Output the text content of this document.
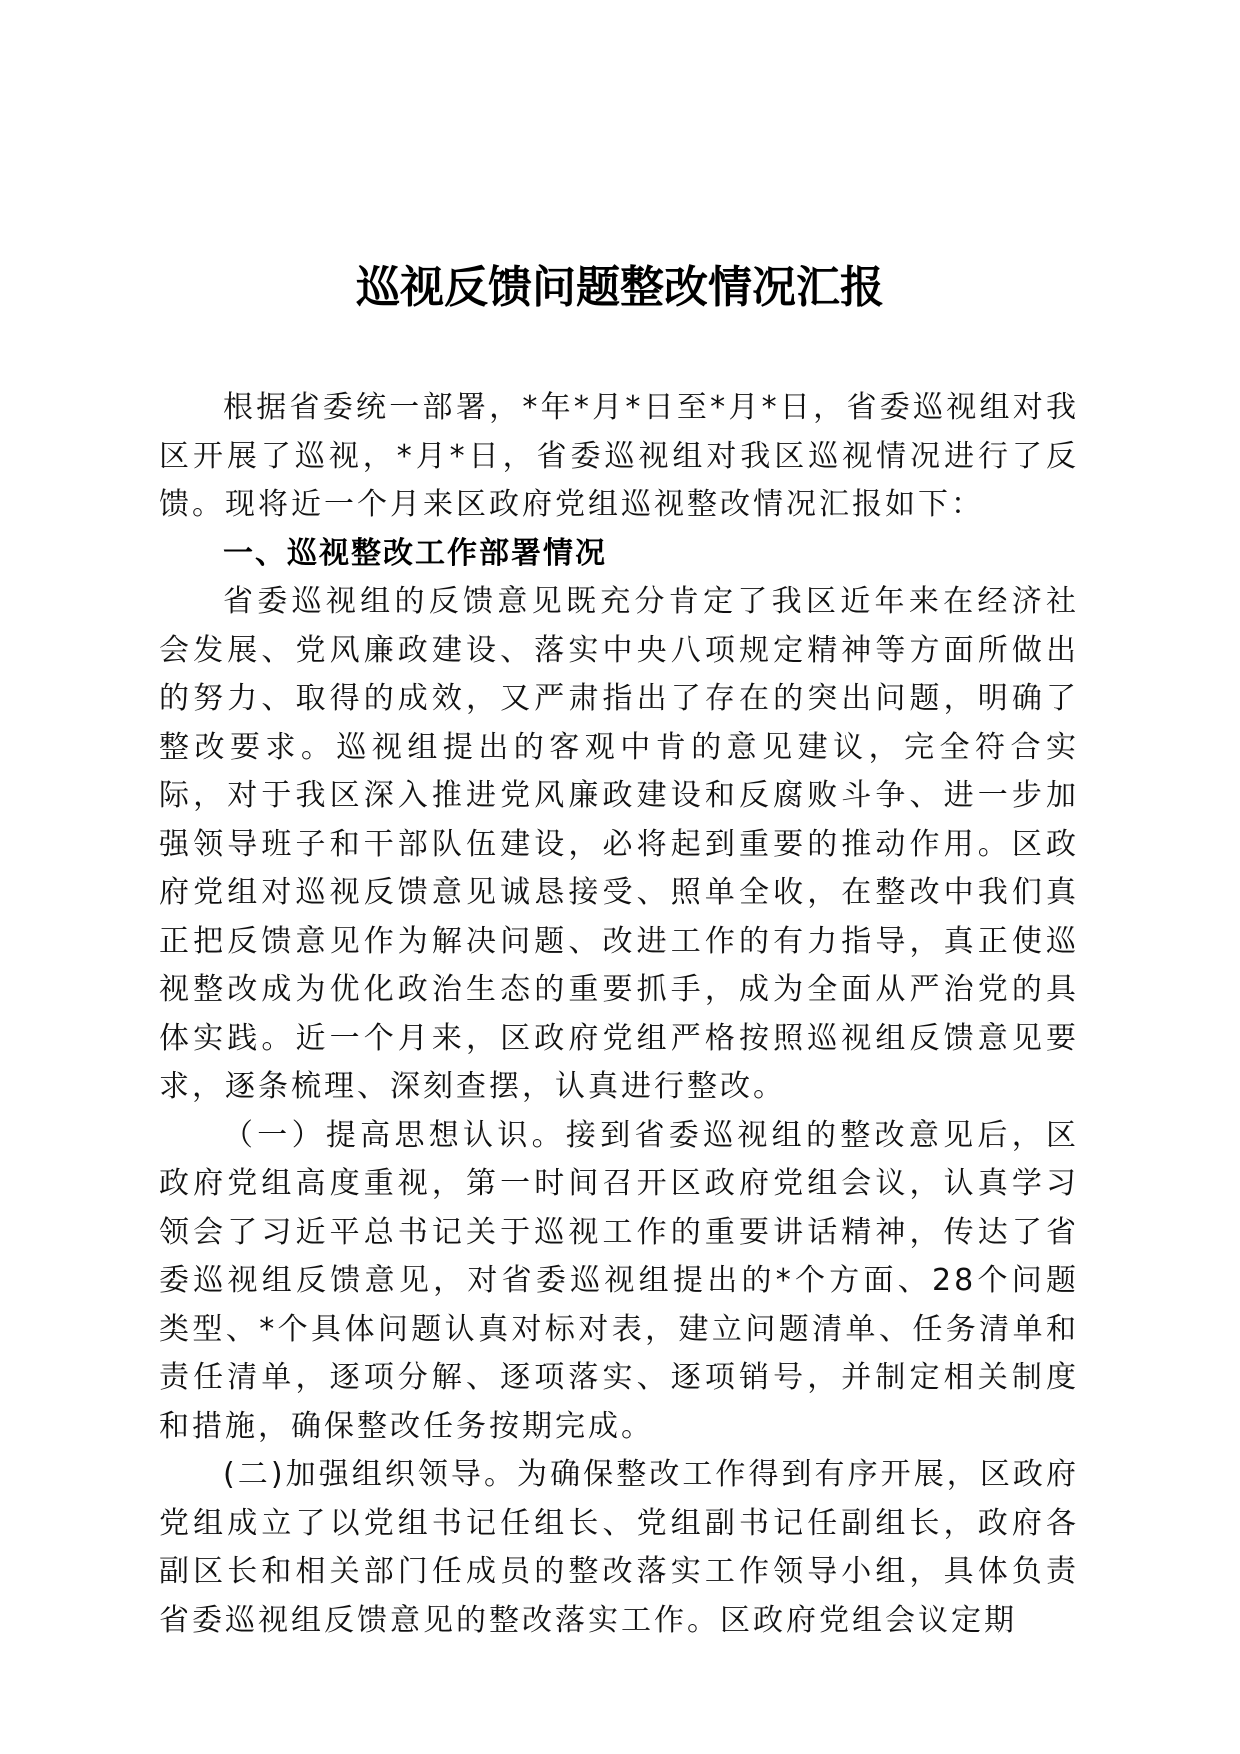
巡视反馈问题整改情况汇报

根据省委统一部署，*年*月*日至*月*日，省委巡视组对我区开展了巡视，*月*日，省委巡视组对我区巡视情况进行了反馈。现将近一个月来区政府党组巡视整改情况汇报如下：

一、巡视整改工作部署情况

省委巡视组的反馈意见既充分肯定了我区近年来在经济社会发展、党风廉政建设、落实中央八项规定精神等方面所做出的努力、取得的成效，又严肃指出了存在的突出问题，明确了整改要求。巡视组提出的客观中肯的意见建议，完全符合实际，对于我区深入推进党风廉政建设和反腐败斗争、进一步加强领导班子和干部队伍建设，必将起到重要的推动作用。区政府党组对巡视反馈意见诚恳接受、照单全收，在整改中我们真正把反馈意见作为解决问题、改进工作的有力指导，真正使巡视整改成为优化政治生态的重要抓手，成为全面从严治党的具体实践。近一个月来，区政府党组严格按照巡视组反馈意见要求，逐条梳理、深刻查摆，认真进行整改。

（一）提高思想认识。接到省委巡视组的整改意见后，区政府党组高度重视，第一时间召开区政府党组会议，认真学习领会了习近平总书记关于巡视工作的重要讲话精神，传达了省委巡视组反馈意见，对省委巡视组提出的*个方面、28个问题类型、*个具体问题认真对标对表，建立问题清单、任务清单和责任清单，逐项分解、逐项落实、逐项销号，并制定相关制度和措施，确保整改任务按期完成。

(二)加强组织领导。为确保整改工作得到有序开展，区政府党组成立了以党组书记任组长、党组副书记任副组长，政府各副区长和相关部门任成员的整改落实工作领导小组，具体负责省委巡视组反馈意见的整改落实工作。区政府党组会议定期
